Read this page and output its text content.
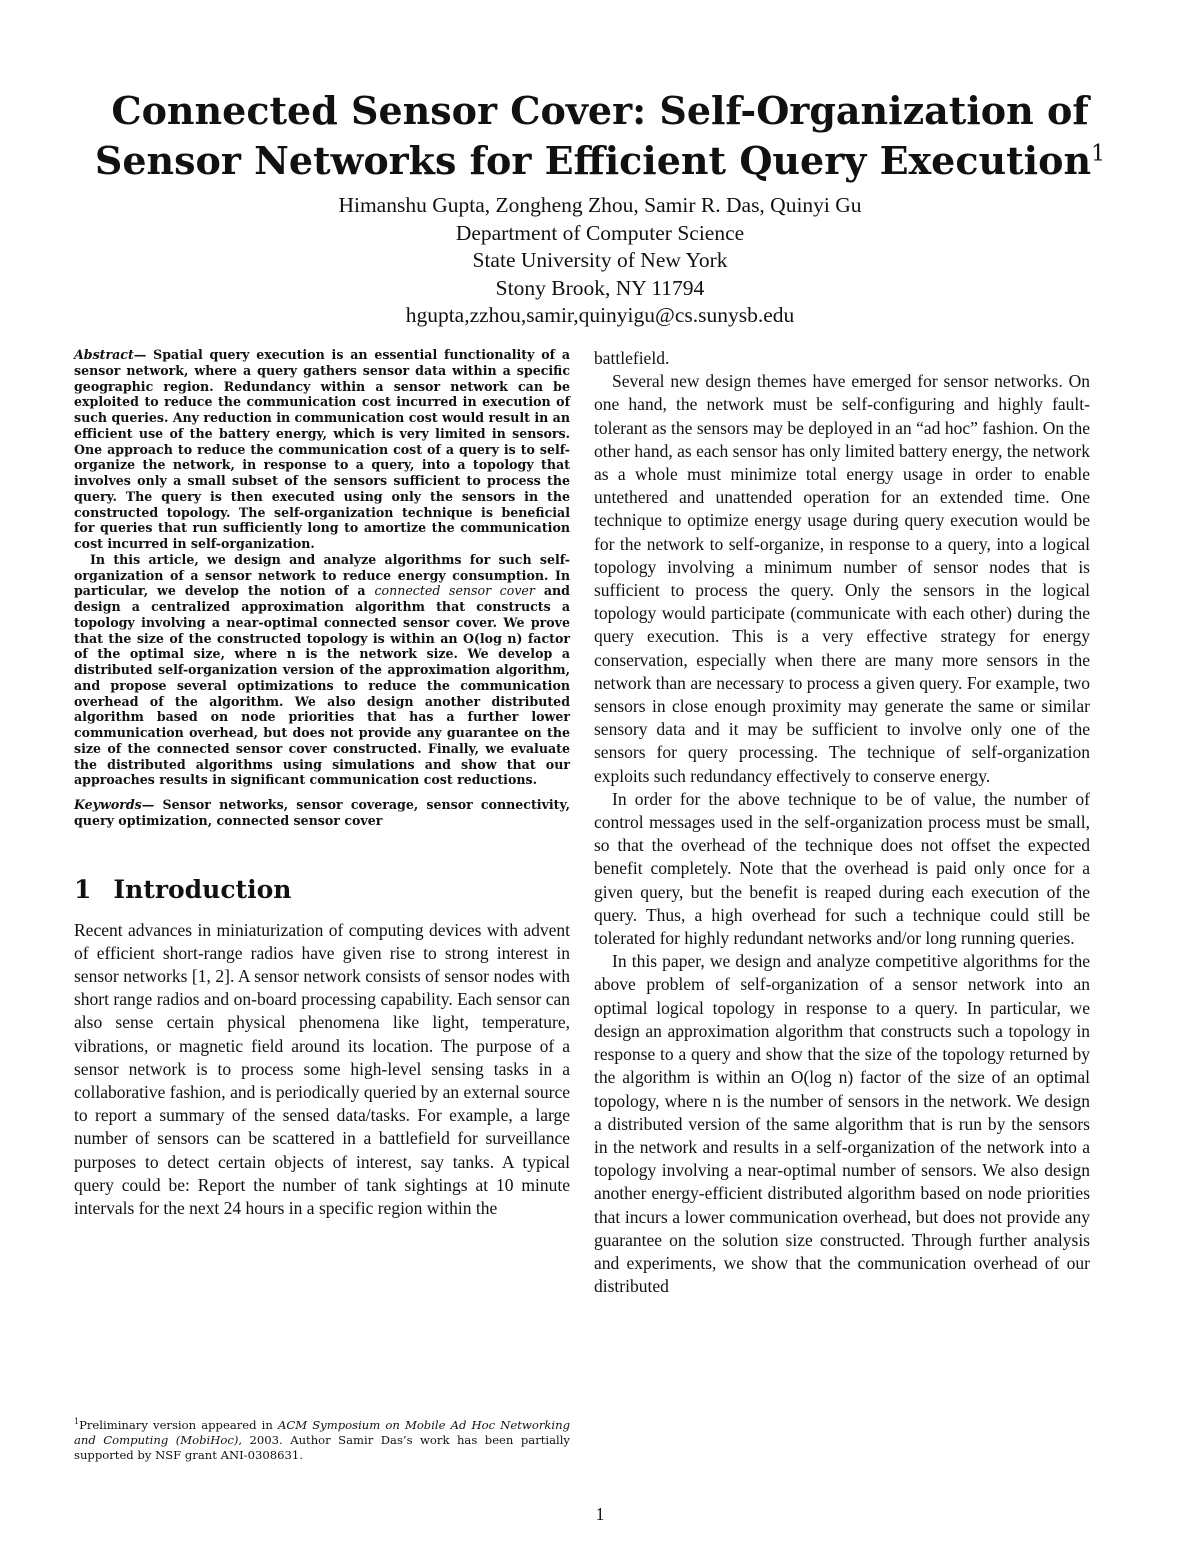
Connected Sensor Cover: Self-Organization of
Sensor Networks for Efficient Query Execution$^1$
Himanshu Gupta, Zongheng Zhou, Samir R. Das, Quinyi Gu
Department of Computer Science
State University of New York
Stony Brook, NY 11794
hgupta,zzhou,samir,quinyigu@cs.sunysb.edu

Abstract— Spatial query execution is an essential functionality of a sensor network, where a query gathers sensor data within a specific geographic region. Redundancy within a sensor network can be exploited to reduce the communication cost incurred in execution of such queries. Any reduction in communication cost would result in an efficient use of the battery energy, which is very limited in sensors. One approach to reduce the communication cost of a query is to self-organize the network, in response to a query, into a topology that involves only a small subset of the sensors sufficient to process the query. The query is then executed using only the sensors in the constructed topology. The self-organization technique is beneficial for queries that run sufficiently long to amortize the communication cost incurred in self-organization.

In this article, we design and analyze algorithms for such self-organization of a sensor network to reduce energy consumption. In particular, we develop the notion of a connected sensor cover and design a centralized approximation algorithm that constructs a topology involving a near-optimal connected sensor cover. We prove that the size of the constructed topology is within an O(log n) factor of the optimal size, where n is the network size. We develop a distributed self-organization version of the approximation algorithm, and propose several optimizations to reduce the communication overhead of the algorithm. We also design another distributed algorithm based on node priorities that has a further lower communication overhead, but does not provide any guarantee on the size of the connected sensor cover constructed. Finally, we evaluate the distributed algorithms using simulations and show that our approaches results in significant communication cost reductions.

Keywords— Sensor networks, sensor coverage, sensor connectivity, query optimization, connected sensor cover

1 Introduction

Recent advances in miniaturization of computing devices with advent of efficient short-range radios have given rise to strong interest in sensor networks [1, 2]. A sensor network consists of sensor nodes with short range radios and on-board processing capability. Each sensor can also sense certain physical phenomena like light, temperature, vibrations, or magnetic field around its location. The purpose of a sensor network is to process some high-level sensing tasks in a collaborative fashion, and is periodically queried by an external source to report a summary of the sensed data/tasks. For example, a large number of sensors can be scattered in a battlefield for surveillance purposes to detect certain objects of interest, say tanks. A typical query could be: Report the number of tank sightings at 10 minute intervals for the next 24 hours in a specific region within the

battlefield.

Several new design themes have emerged for sensor networks. On one hand, the network must be self-configuring and highly fault-tolerant as the sensors may be deployed in an “ad hoc” fashion. On the other hand, as each sensor has only limited battery energy, the network as a whole must minimize total energy usage in order to enable untethered and unattended operation for an extended time. One technique to optimize energy usage during query execution would be for the network to self-organize, in response to a query, into a logical topology involving a minimum number of sensor nodes that is sufficient to process the query. Only the sensors in the logical topology would participate (communicate with each other) during the query execution. This is a very effective strategy for energy conservation, especially when there are many more sensors in the network than are necessary to process a given query. For example, two sensors in close enough proximity may generate the same or similar sensory data and it may be sufficient to involve only one of the sensors for query processing. The technique of self-organization exploits such redundancy effectively to conserve energy.

In order for the above technique to be of value, the number of control messages used in the self-organization process must be small, so that the overhead of the technique does not offset the expected benefit completely. Note that the overhead is paid only once for a given query, but the benefit is reaped during each execution of the query. Thus, a high overhead for such a technique could still be tolerated for highly redundant networks and/or long running queries.

In this paper, we design and analyze competitive algorithms for the above problem of self-organization of a sensor network into an optimal logical topology in response to a query. In particular, we design an approximation algorithm that constructs such a topology in response to a query and show that the size of the topology returned by the algorithm is within an O(log n) factor of the size of an optimal topology, where n is the number of sensors in the network. We design a distributed version of the same algorithm that is run by the sensors in the network and results in a self-organization of the network into a topology involving a near-optimal number of sensors. We also design another energy-efficient distributed algorithm based on node priorities that incurs a lower communication overhead, but does not provide any guarantee on the solution size constructed. Through further analysis and experiments, we show that the communication overhead of our distributed

$^1$Preliminary version appeared in ACM Symposium on Mobile Ad Hoc Networking and Computing (MobiHoc), 2003. Author Samir Das’s work has been partially supported by NSF grant ANI-0308631.
1
